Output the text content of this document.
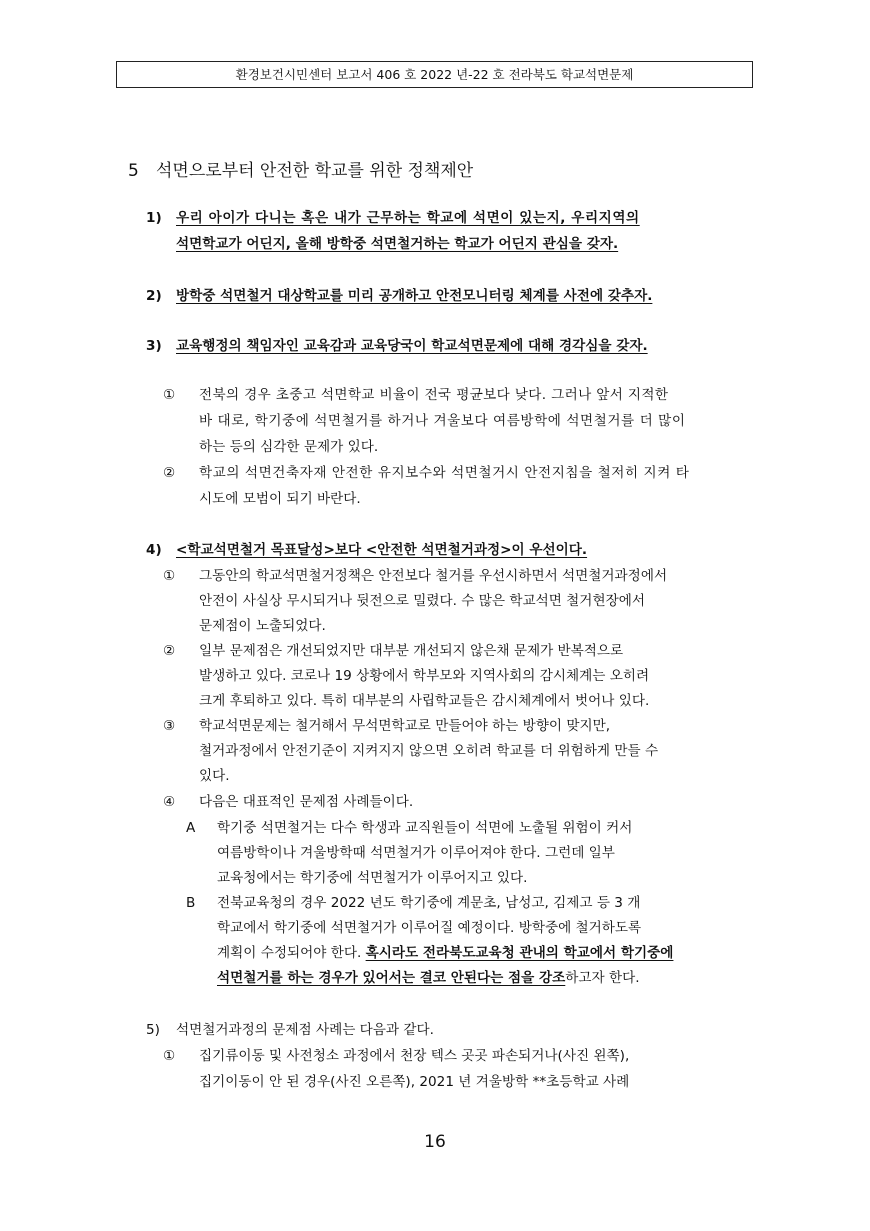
환경보건시민센터 보고서 406 호 2022 년-22 호 전라북도 학교석면문제
5 석면으로부터 안전한 학교를 위한 정책제안
1) 우리 아이가 다니는 혹은 내가 근무하는 학교에 석면이 있는지, 우리지역의
석면학교가 어딘지, 올해 방학중 석면철거하는 학교가 어딘지 관심을 갖자.
2) 방학중 석면철거 대상학교를 미리 공개하고 안전모니터링 체계를 사전에 갖추자.
3) 교육행정의 책임자인 교육감과 교육당국이 학교석면문제에 대해 경각심을 갖자.
① 전북의 경우 초중고 석면학교 비율이 전국 평균보다 낮다. 그러나 앞서 지적한
바 대로, 학기중에 석면철거를 하거나 겨울보다 여름방학에 석면철거를 더 많이
하는 등의 심각한 문제가 있다.
② 학교의 석면건축자재 안전한 유지보수와 석면철거시 안전지침을 철저히 지켜 타
시도에 모범이 되기 바란다.
4) <학교석면철거 목표달성>보다 <안전한 석면철거과정>이 우선이다.
① 그동안의 학교석면철거정책은 안전보다 철거를 우선시하면서 석면철거과정에서
안전이 사실상 무시되거나 뒷전으로 밀렸다. 수 많은 학교석면 철거현장에서
문제점이 노출되었다.
② 일부 문제점은 개선되었지만 대부분 개선되지 않은채 문제가 반복적으로
발생하고 있다. 코로나 19 상황에서 학부모와 지역사회의 감시체계는 오히려
크게 후퇴하고 있다. 특히 대부분의 사립학교들은 감시체계에서 벗어나 있다.
③ 학교석면문제는 철거해서 무석면학교로 만들어야 하는 방향이 맞지만,
철거과정에서 안전기준이 지켜지지 않으면 오히려 학교를 더 위험하게 만들 수
있다.
④ 다음은 대표적인 문제점 사례들이다.
A 학기중 석면철거는 다수 학생과 교직원들이 석면에 노출될 위험이 커서
여름방학이나 겨울방학때 석면철거가 이루어져야 한다. 그런데 일부
교육청에서는 학기중에 석면철거가 이루어지고 있다.
B 전북교육청의 경우 2022 년도 학기중에 계문초, 남성고, 김제고 등 3 개
학교에서 학기중에 석면철거가 이루어질 예정이다. 방학중에 철거하도록
계획이 수정되어야 한다. 혹시라도 전라북도교육청 관내의 학교에서 학기중에
석면철거를 하는 경우가 있어서는 결코 안된다는 점을 강조하고자 한다.
5) 석면철거과정의 문제점 사례는 다음과 같다.
① 집기류이동 및 사전청소 과정에서 천장 텍스 곳곳 파손되거나(사진 왼쪽),
집기이동이 안 된 경우(사진 오른쪽), 2021 년 겨울방학 **초등학교 사례
16
